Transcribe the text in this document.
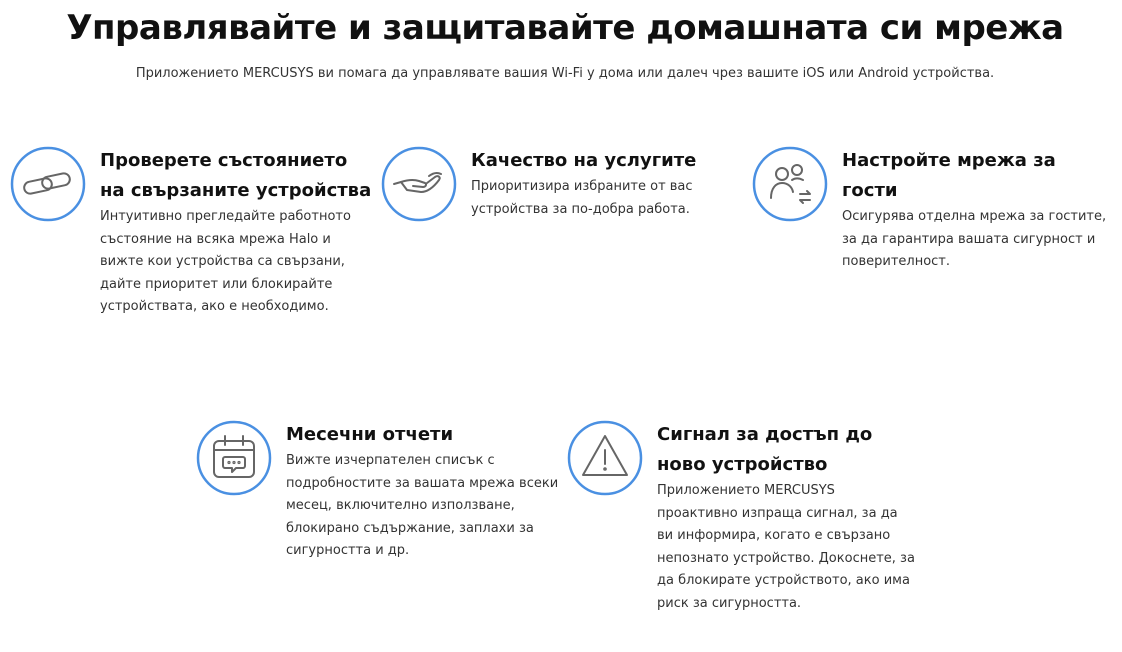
Управлявайте и защитавайте домашната си мрежа
Приложението MERCUSYS ви помага да управлявате вашия Wi-Fi у дома или далеч чрез вашите iOS или Android устройства.

Проверете състоянието на свързаните устройства

Интуитивно прегледайте работното състояние на всяка мрежа Halo и вижте кои устройства са свързани, дайте приоритет или блокирайте устройствата, ако е необходимо.

Качество на услугите

Приоритизира избраните от вас устройства за по-добра работа.

Настройте мрежа за гости

Осигурява отделна мрежа за гостите, за да гарантира вашата сигурност и поверителност.

Месечни отчети

Вижте изчерпателен списък с подробностите за вашата мрежа всеки месец, включително използване, блокирано съдържание, заплахи за сигурността и др.

Сигнал за достъп до ново устройство

Приложението MERCUSYS проактивно изпраща сигнал, за да ви информира, когато е свързано непознато устройство. Докоснете, за да блокирате устройството, ако има риск за сигурността.
